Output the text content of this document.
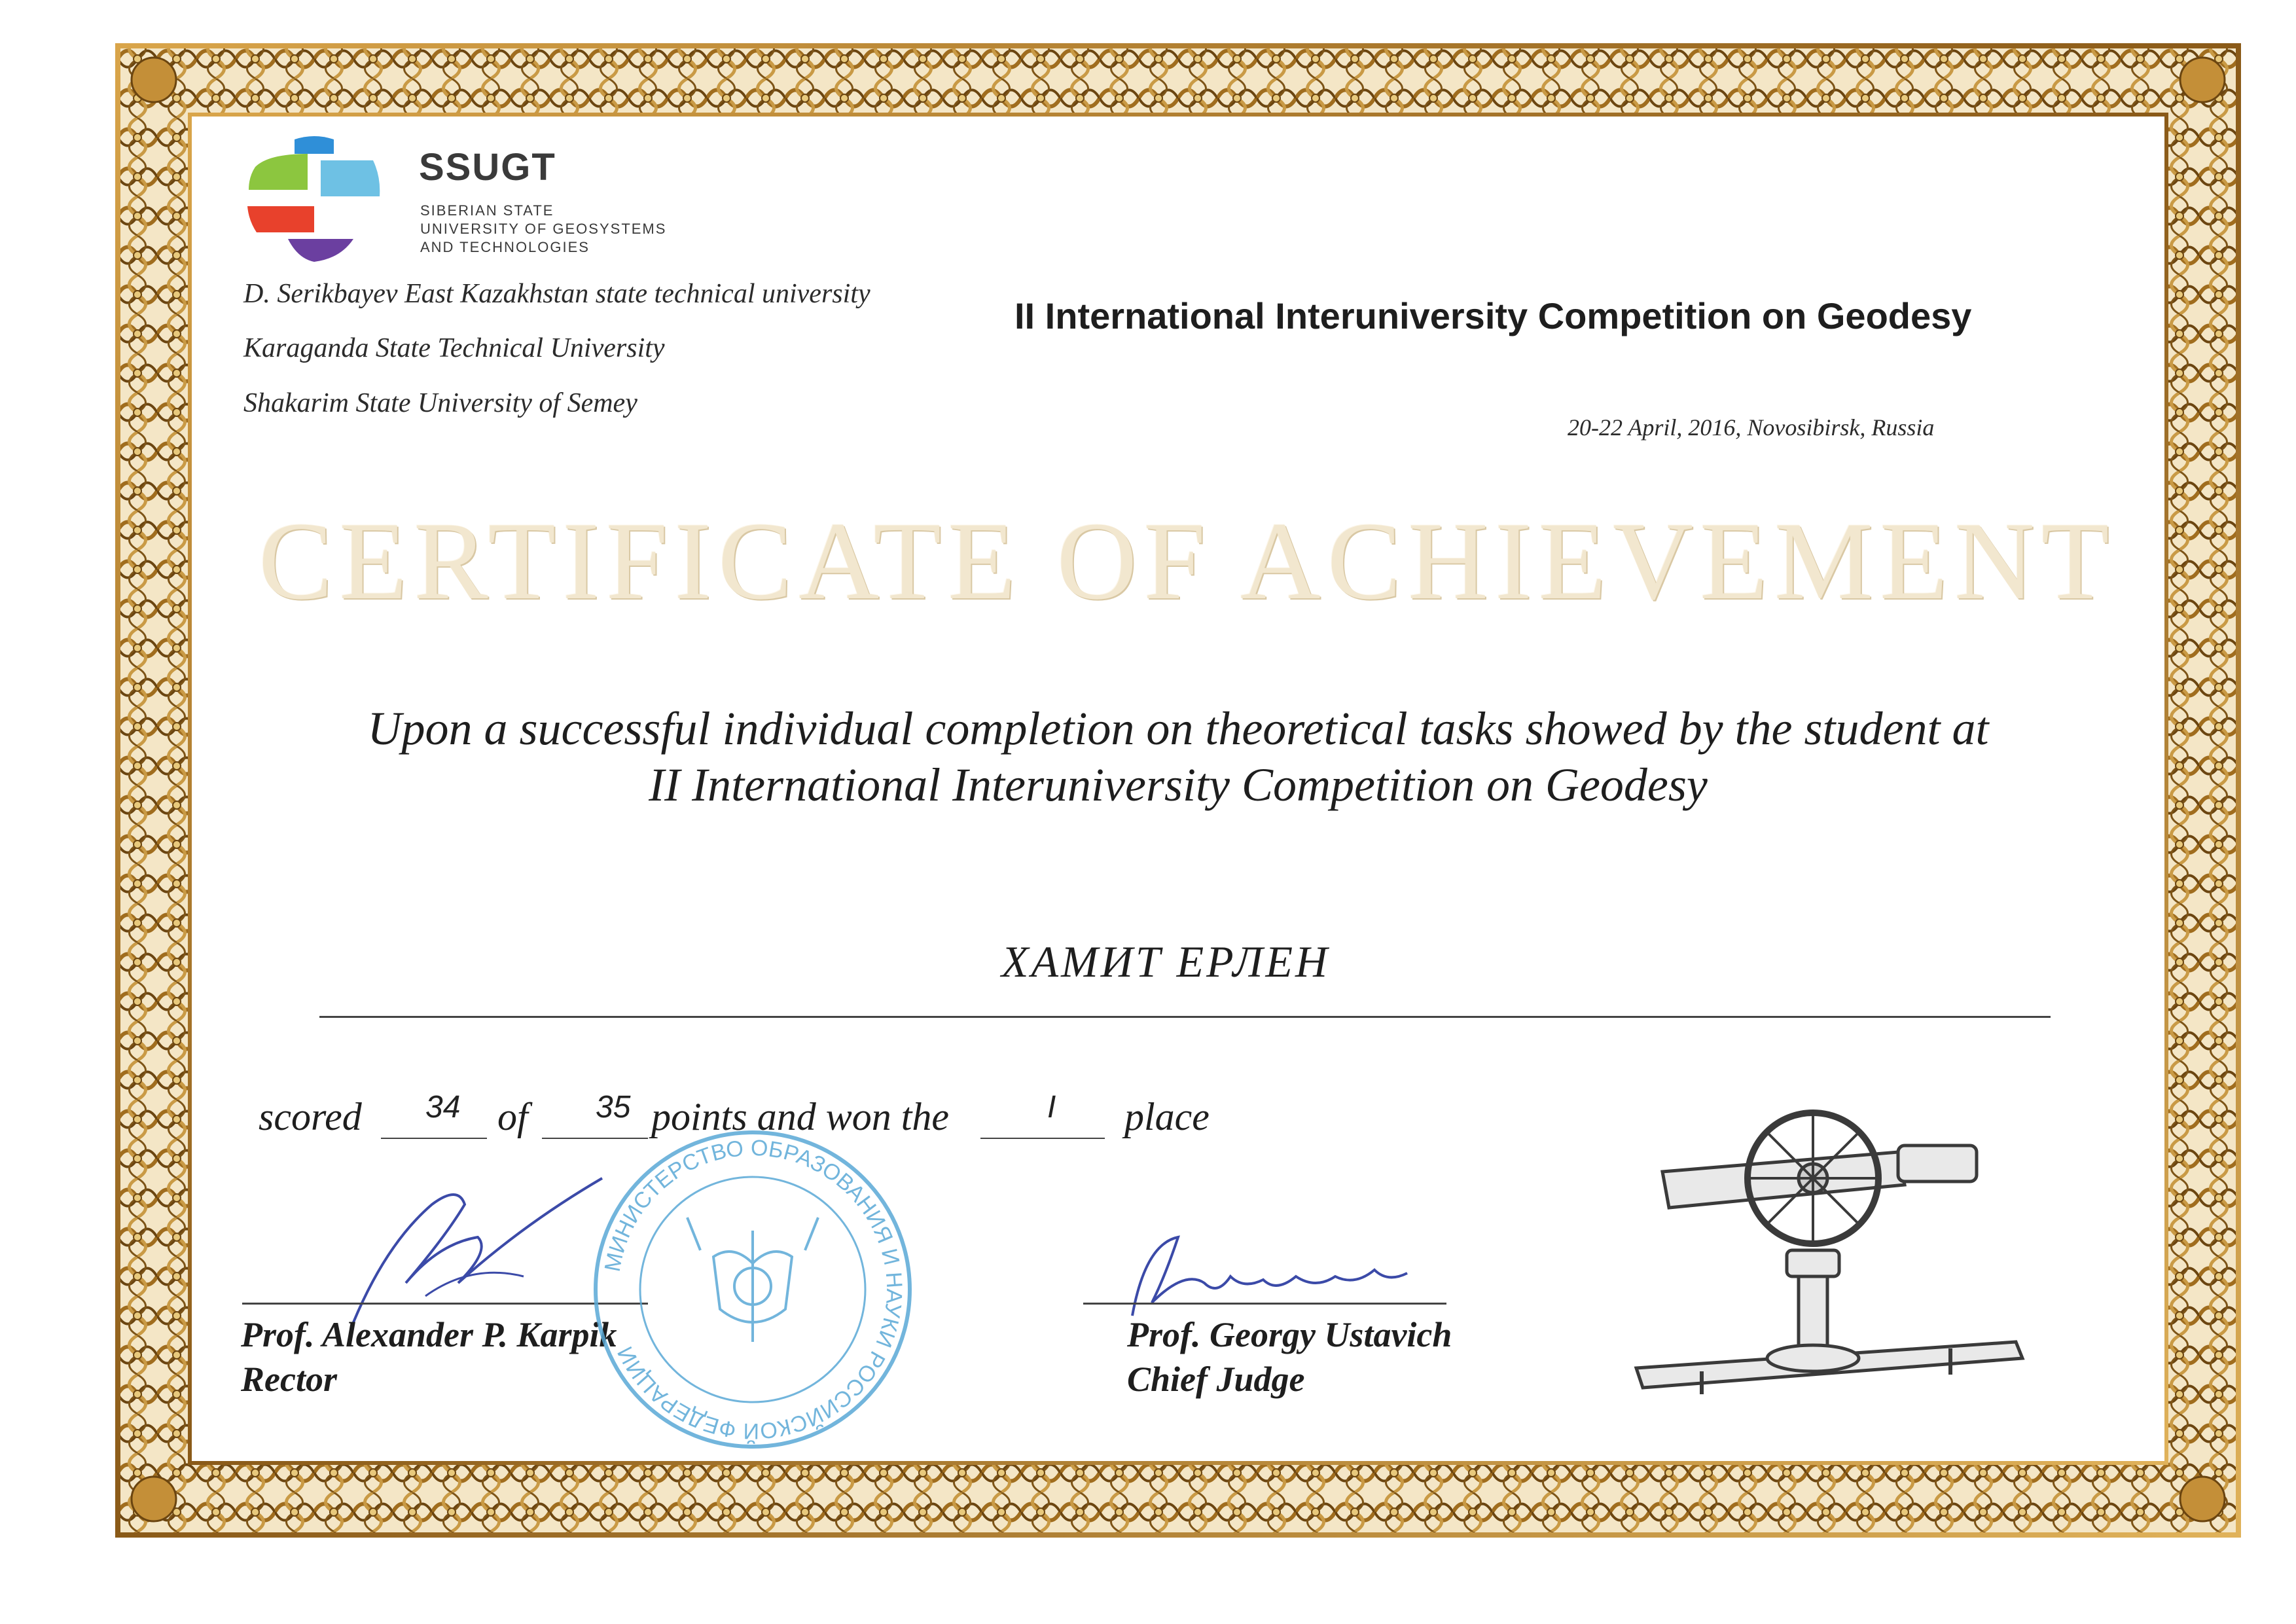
SSUGT
SIBERIAN STATE
UNIVERSITY OF GEOSYSTEMS
AND TECHNOLOGIES
D. Serikbayev East Kazakhstan state technical university
Karaganda State Technical University
Shakarim State University of Semey
II International Interuniversity Competition on Geodesy
20-22 April, 2016, Novosibirsk, Russia
CERTIFICATE OF ACHIEVEMENT
Upon a successful individual completion on theoretical tasks showed by the student at
II International Interuniversity Competition on Geodesy
ХАМИТ ЕРЛЕН
scored 34 of 35 points and won the	I place
Prof. Alexander P. Karpik
Rector
МИНИСТЕРСТВО ОБРАЗОВАНИЯ И НАУКИ РОССИЙСКОЙ ФЕДЕРАЦИИ
Prof. Georgy Ustavich
Chief Judge
